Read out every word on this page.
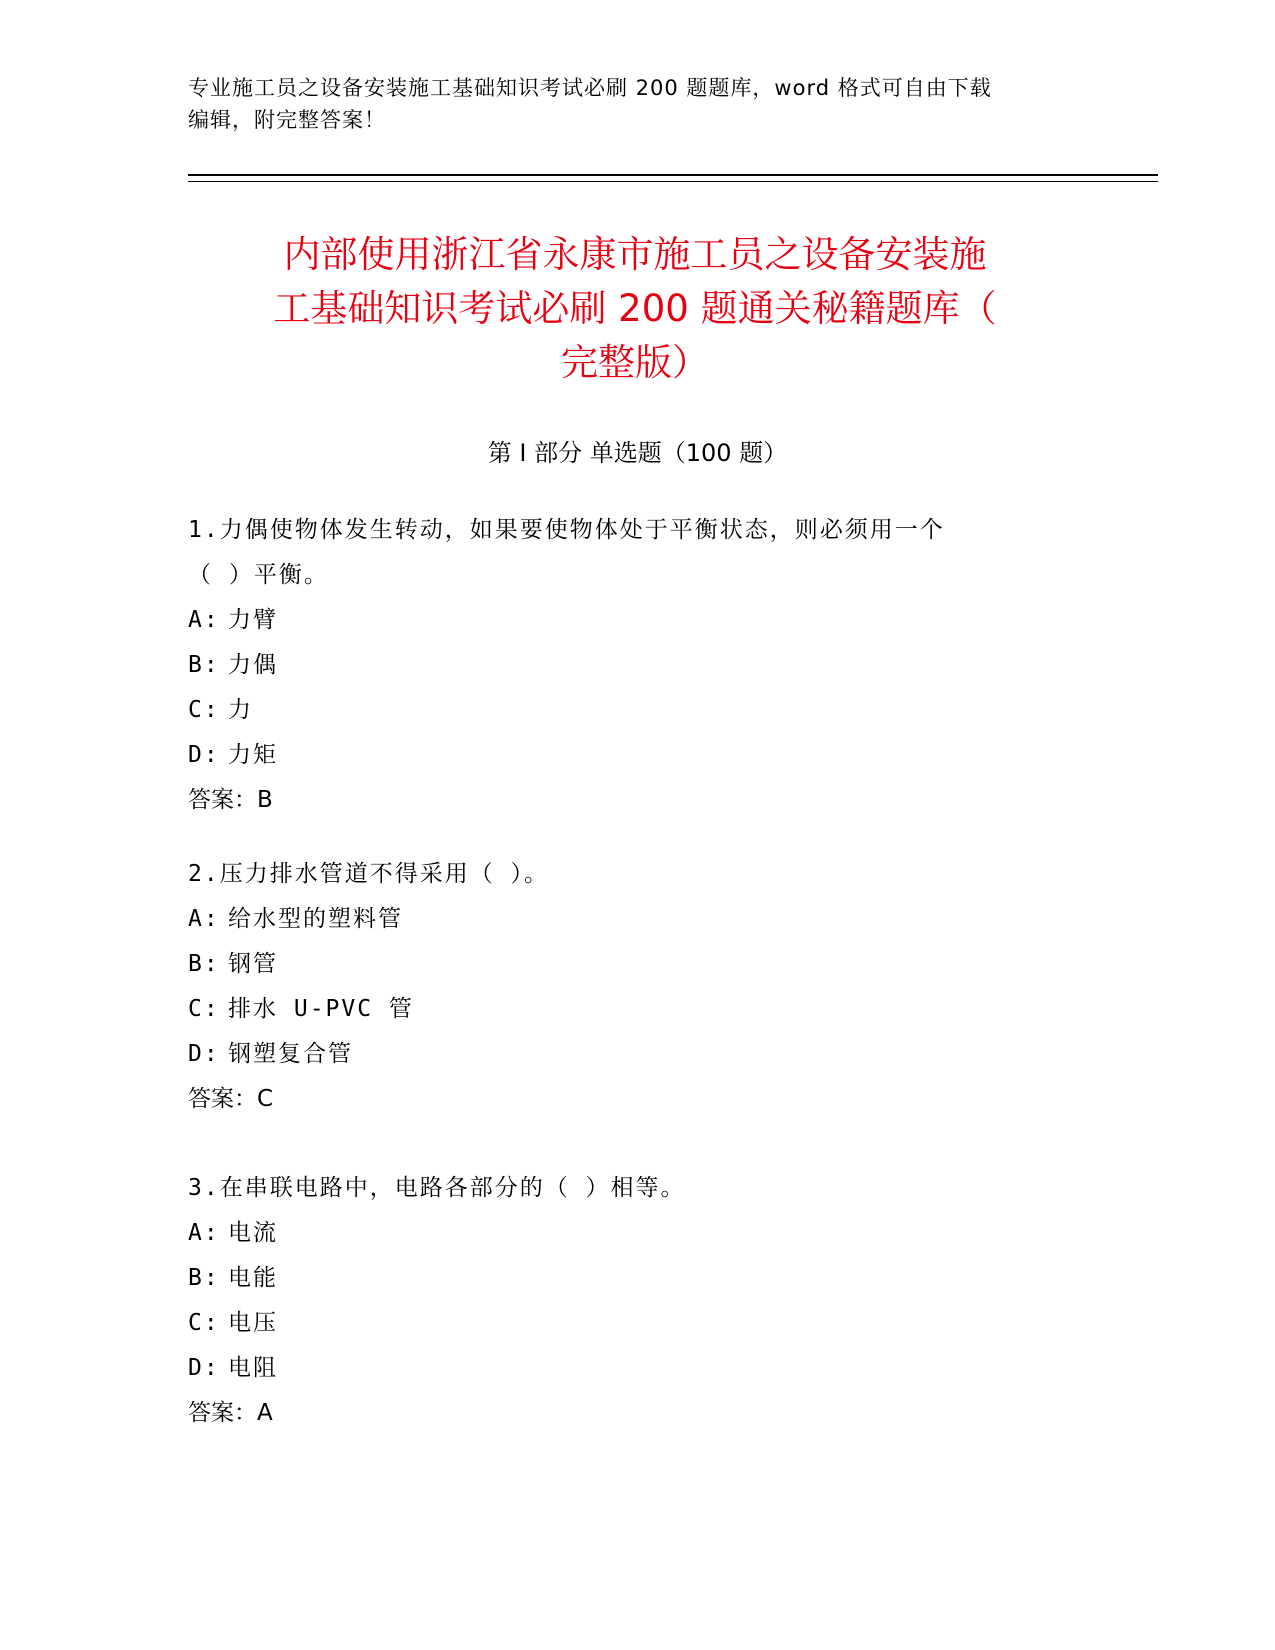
专业施工员之设备安装施工基础知识考试必刷 200 题题库，word 格式可自由下载
编辑，附完整答案！
内部使用浙江省永康市施工员之设备安装施
工基础知识考试必刷 200 题通关秘籍题库（
完整版）
第 I 部分 单选题（100 题）

1.力偶使物体发生转动，如果要使物体处于平衡状态，则必须用一个

（ ）平衡。

A: 力臂

B: 力偶

C: 力

D: 力矩

答案：B

2.压力排水管道不得采用（ ）。

A: 给水型的塑料管

B: 钢管

C: 排水 U-PVC 管

D: 钢塑复合管

答案：C

3.在串联电路中，电路各部分的（ ）相等。

A: 电流

B: 电能

C: 电压

D: 电阻

答案：A
